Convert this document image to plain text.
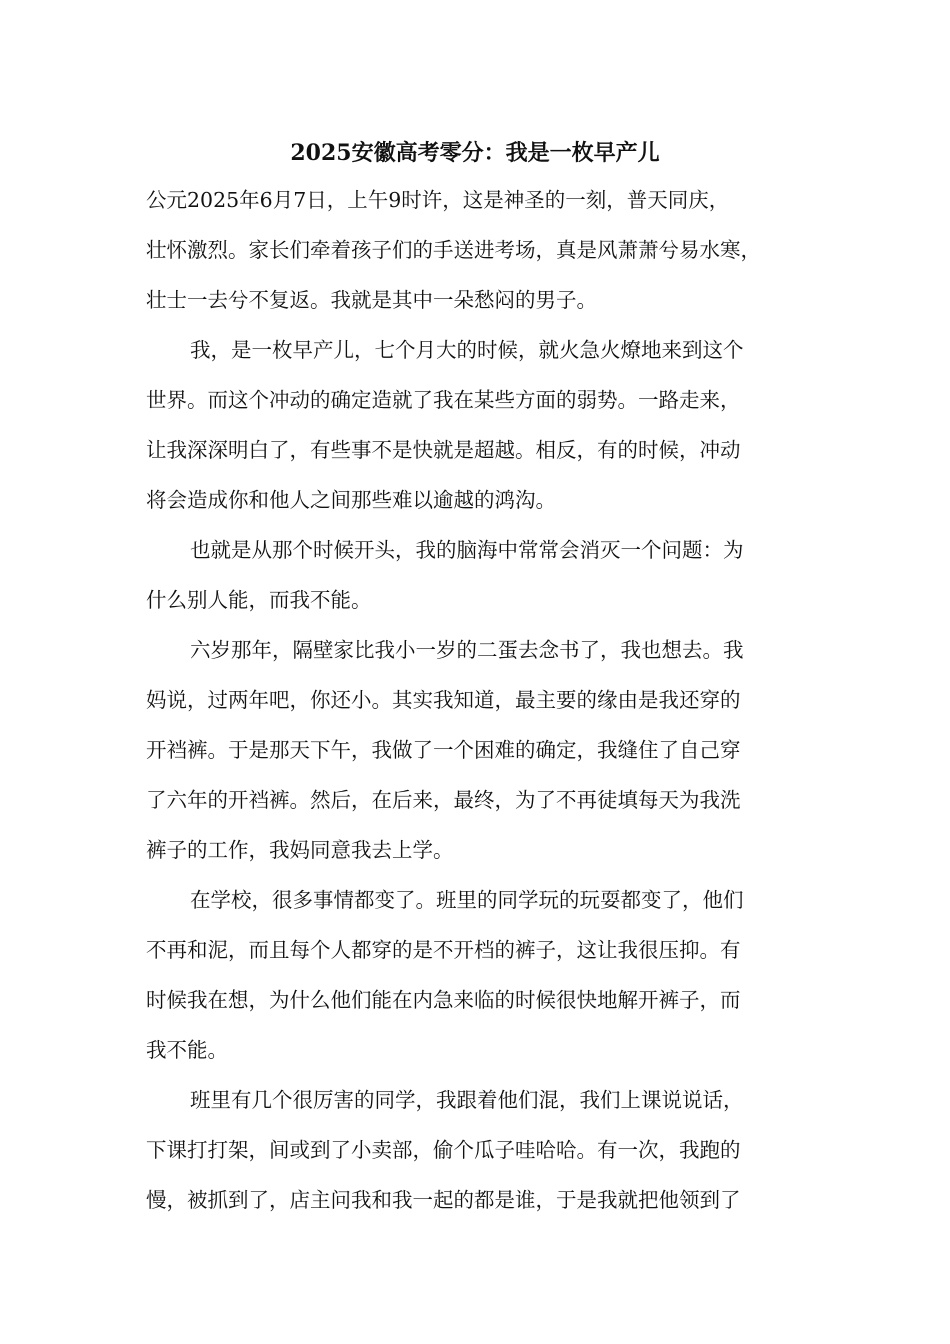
2025安徽高考零分：我是一枚早产儿
公元2025年6月7日，上午9时许，这是神圣的一刻，普天同庆，
壮怀激烈。家长们牵着孩子们的手送进考场，真是风萧萧兮易水寒，
壮士一去兮不复返。我就是其中一朵愁闷的男子。
我，是一枚早产儿，七个月大的时候，就火急火燎地来到这个
世界。而这个冲动的确定造就了我在某些方面的弱势。一路走来，
让我深深明白了，有些事不是快就是超越。相反，有的时候，冲动
将会造成你和他人之间那些难以逾越的鸿沟。
也就是从那个时候开头，我的脑海中常常会消灭一个问题：为
什么别人能，而我不能。
六岁那年，隔壁家比我小一岁的二蛋去念书了，我也想去。我
妈说，过两年吧，你还小。其实我知道，最主要的缘由是我还穿的
开裆裤。于是那天下午，我做了一个困难的确定，我缝住了自己穿
了六年的开裆裤。然后，在后来，最终，为了不再徒填每天为我洗
裤子的工作，我妈同意我去上学。
在学校，很多事情都变了。班里的同学玩的玩耍都变了，他们
不再和泥，而且每个人都穿的是不开档的裤子，这让我很压抑。有
时候我在想，为什么他们能在内急来临的时候很快地解开裤子，而
我不能。
班里有几个很厉害的同学，我跟着他们混，我们上课说说话，
下课打打架，间或到了小卖部，偷个瓜子哇哈哈。有一次，我跑的
慢，被抓到了，店主问我和我一起的都是谁，于是我就把他领到了
